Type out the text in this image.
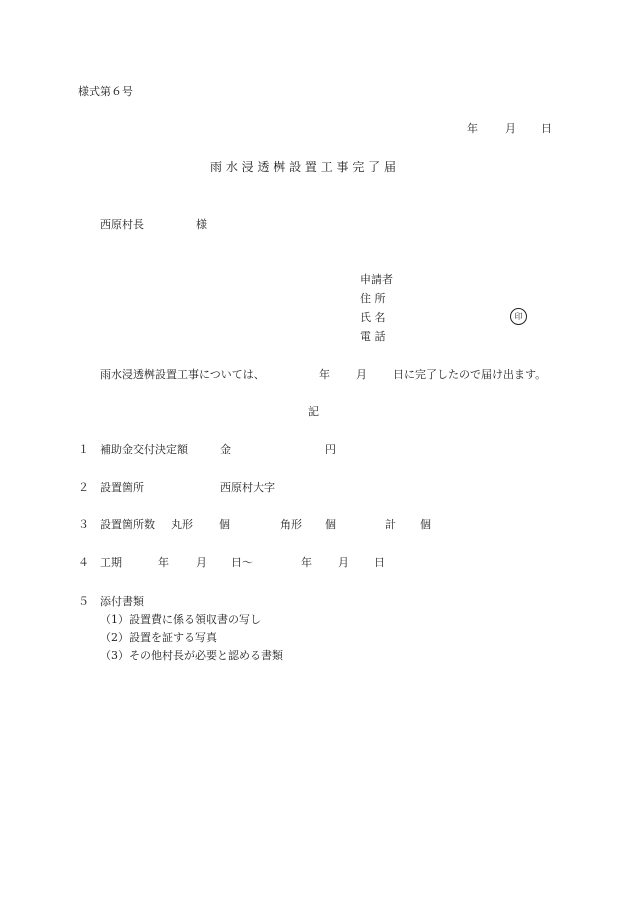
様式第６号
年 月 日
雨 水 浸 透 桝 設 置 工 事 完 了 届
西原村長	様
申請者
住 所
氏 名	印
電 話
雨水浸透桝設置工事については、	年 月 日に完了したので届け出ます。
記
１ 補助金交付決定額	金	円
２ 設置箇所	西原村大字
３ 設置箇所数 丸形 個	角形 個	計 個
４ 工期	年 月 日～	年 月 日
５ 添付書類
（1）設置費に係る領収書の写し
（2）設置を証する写真
（3）その他村長が必要と認める書類
